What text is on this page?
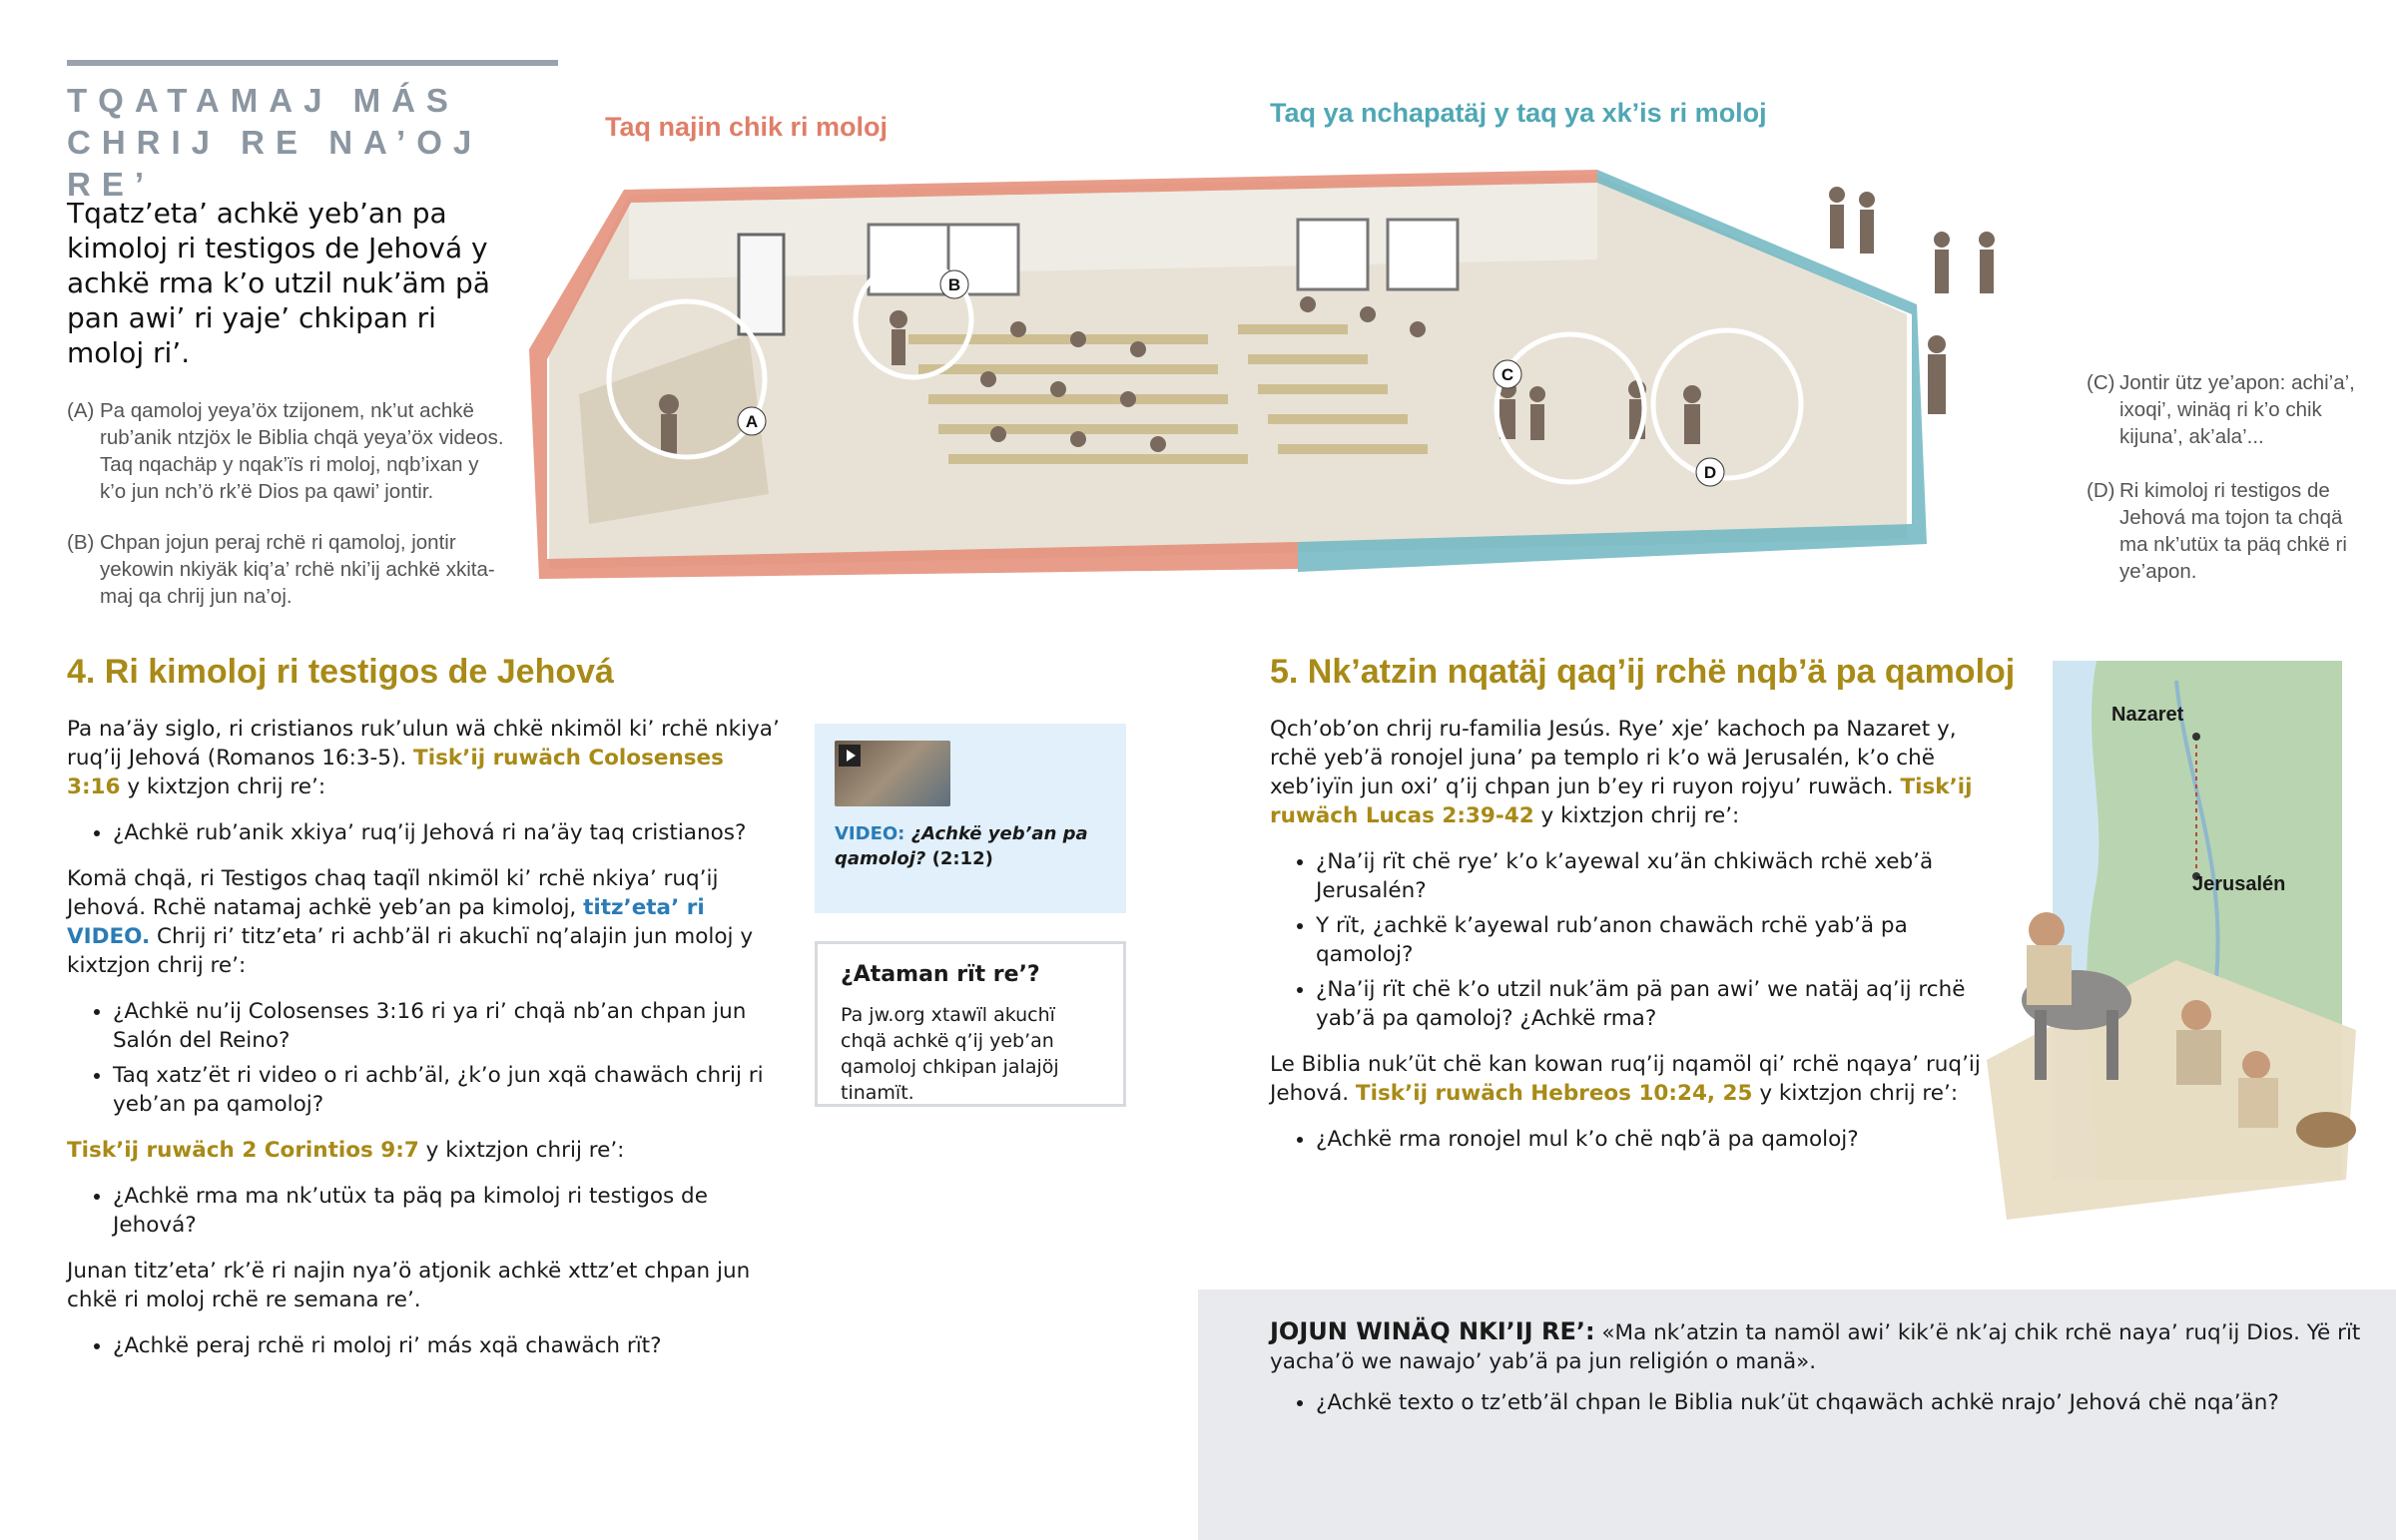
TQATAMAJ MÁS
CHRIJ RE NA’OJ RE’
Tqatz’eta’ achkë yeb’an pa kimoloj ri testigos de Jehová y achkë rma k’o utzil nuk’äm pä pan awi’ ri yaje’ chkipan ri moloj ri’.
Taq najin chik ri moloj	Taq ya nchapatäj y taq ya xk’is ri moloj
A
B
C
D
(A) Pa qamoloj yeya’öx tzijonem, nk’ut achkë rub’anik ntzjöx le Biblia chqä yeya’öx videos. Taq nqachäp y nqak’ïs ri moloj, nqb’ixan y k’o jun nch’ö rk’ë Dios pa qawi’ jontir.
(B) Chpan jojun peraj rchë ri qamoloj, jontir yekowin nkiyäk kiq’a’ rchë nki’ij achkë xkita-maj qa chrij jun na’oj.
(C) Jontir ütz ye’apon: achi’a’, ixoqi’, winäq ri k’o chik kijuna’, ak’ala’...
(D) Ri kimoloj ri testigos de Jehová ma tojon ta chqä ma nk’utüx ta päq chkë ri ye’apon.
4. Ri kimoloj ri testigos de Jehová

Pa na’äy siglo, ri cristianos ruk’ulun wä chkë nkimöl ki’ rchë nkiya’ ruq’ij Jehová (Romanos 16:3-5). Tisk’ij ruwäch Colosenses 3:16 y kixtzjon chrij re’:

• ¿Achkë rub’anik xkiya’ ruq’ij Jehová ri na’äy taq cristianos?

Komä chqä, ri Testigos chaq taqïl nkimöl ki’ rchë nkiya’ ruq’ij Jehová. Rchë natamaj achkë yeb’an pa kimoloj, titz’eta’ ri VIDEO. Chrij ri’ titz’eta’ ri achb’äl ri akuchï nq’alajin jun moloj y kixtzjon chrij re’:

• ¿Achkë nu’ij Colosenses 3:16 ri ya ri’ chqä nb’an chpan jun Salón del Reino?
• Taq xatz’ët ri video o ri achb’äl, ¿k’o jun xqä chawäch chrij ri yeb’an pa qamoloj?

Tisk’ij ruwäch 2 Corintios 9:7 y kixtzjon chrij re’:

• ¿Achkë rma ma nk’utüx ta päq pa kimoloj ri testigos de Jehová?

Junan titz’eta’ rk’ë ri najin nya’ö atjonik achkë xttz’et chpan jun chkë ri moloj rchë re semana re’.

• ¿Achkë peraj rchë ri moloj ri’ más xqä chawäch rït?
VIDEO: ¿Achkë yeb’an pa qamoloj? (2:12)
¿Ataman rït re’?
Pa jw.org xtawïl akuchï chqä achkë q’ij yeb’an qamoloj chkipan jalajöj tinamït.
5. Nk’atzin nqatäj qaq’ij rchë nqb’ä pa qamoloj

Qch’ob’on chrij ru-familia Jesús. Rye’ xje’ kachoch pa Nazaret y, rchë yeb’ä ronojel juna’ pa templo ri k’o wä Jerusalén, k’o chë xeb’iyïn jun oxi’ q’ij chpan jun b’ey ri ruyon rojyu’ ruwäch. Tisk’ij ruwäch Lucas 2:39-42 y kixtzjon chrij re’:

• ¿Na’ij rït chë rye’ k’o k’ayewal xu’än chkiwäch rchë xeb’ä Jerusalén?
• Y rït, ¿achkë k’ayewal rub’anon chawäch rchë yab’ä pa qamoloj?
• ¿Na’ij rït chë k’o utzil nuk’äm pä pan awi’ we natäj aq’ij rchë yab’ä pa qamoloj? ¿Achkë rma?

Le Biblia nuk’üt chë kan kowan ruq’ij nqamöl qi’ rchë nqaya’ ruq’ij Jehová. Tisk’ij ruwäch Hebreos 10:24, 25 y kixtzjon chrij re’:

• ¿Achkë rma ronojel mul k’o chë nqb’ä pa qamoloj?
Nazaret
Jerusalén
JOJUN WINÄQ NKI’IJ RE’: «Ma nk’atzin ta namöl awi’ kik’ë nk’aj chik rchë naya’ ruq’ij Dios. Yë rït yacha’ö we nawajo’ yab’ä pa jun religión o manä».
• ¿Achkë texto o tz’etb’äl chpan le Biblia nuk’üt chqawäch achkë nrajo’ Jehová chë nqa’än?
